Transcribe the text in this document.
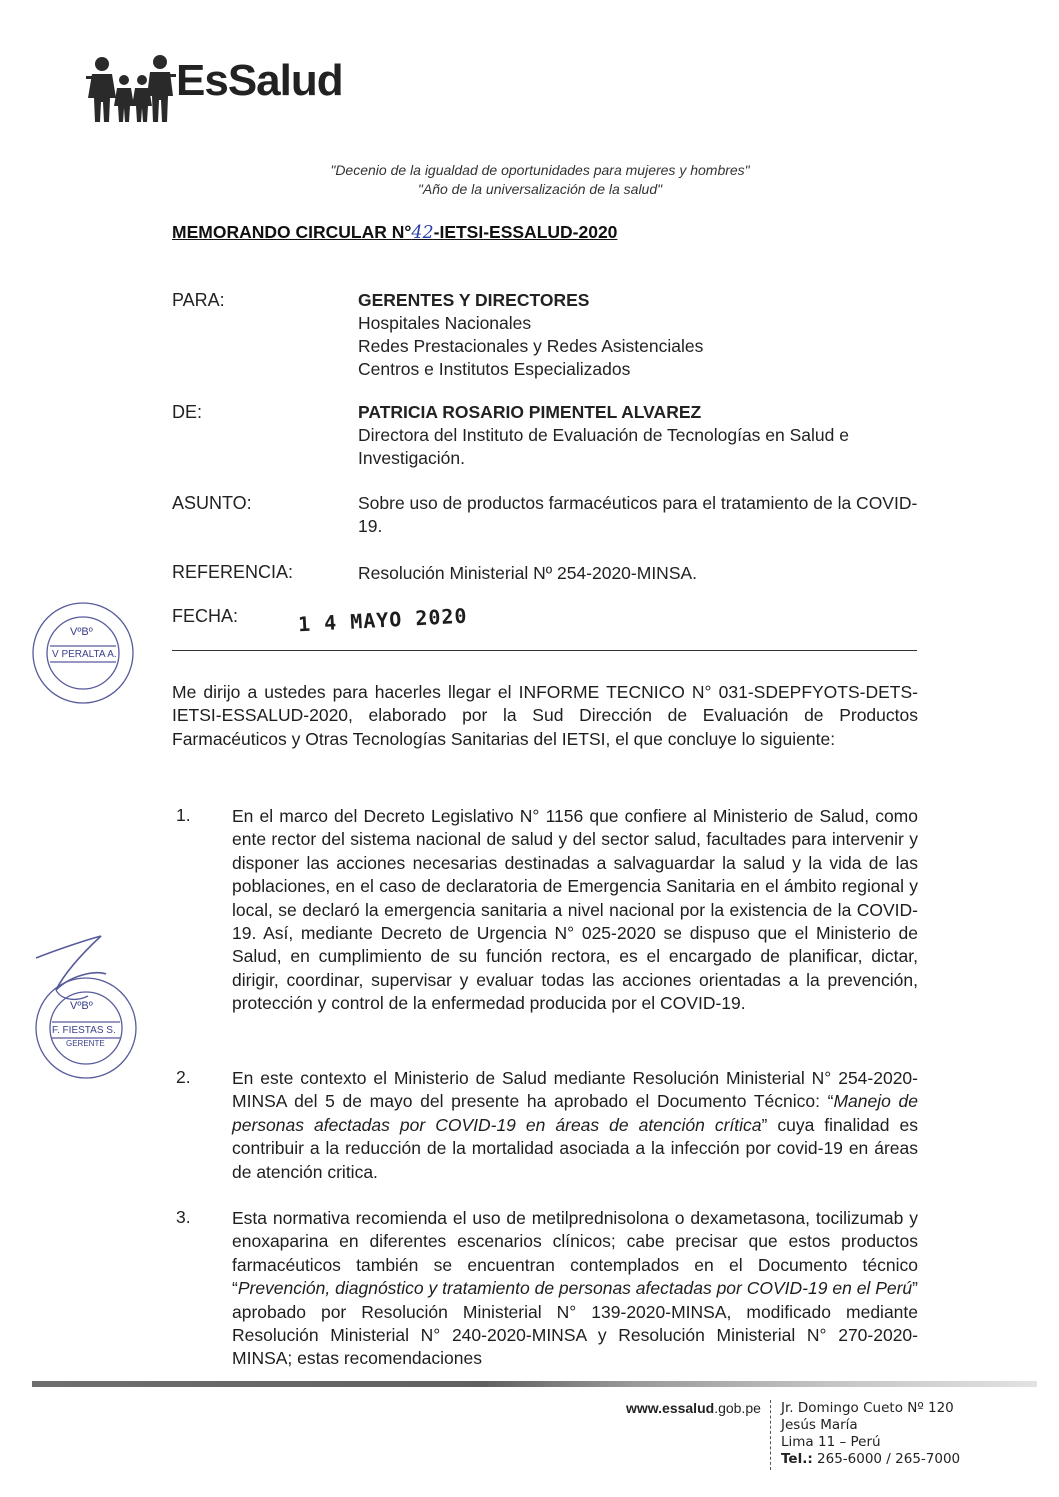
EsSalud
"Decenio de la igualdad de oportunidades para mujeres y hombres"
"Año de la universalización de la salud"
MEMORANDO CIRCULAR N°42-IETSI-ESSALUD-2020
PARA:	GERENTES Y DIRECTORES
Hospitales Nacionales
Redes Prestacionales y Redes Asistenciales
Centros e Institutos Especializados
DE:	PATRICIA ROSARIO PIMENTEL ALVAREZ
Directora del Instituto de Evaluación de Tecnologías en Salud e Investigación.
ASUNTO:	Sobre uso de productos farmacéuticos para el tratamiento de la COVID-19.
REFERENCIA:	Resolución Ministerial Nº 254-2020-MINSA.
FECHA:	1 4 MAYO 2020
VºBº
V PERALTA A.
VºBº
F. FIESTAS S.
GERENTE
Me dirijo a ustedes para hacerles llegar el INFORME TECNICO N° 031-SDEPFYOTS-DETS-IETSI-ESSALUD-2020, elaborado por la Sud Dirección de Evaluación de Productos Farmacéuticos y Otras Tecnologías Sanitarias del IETSI, el que concluye lo siguiente:
1. En el marco del Decreto Legislativo N° 1156 que confiere al Ministerio de Salud, como ente rector del sistema nacional de salud y del sector salud, facultades para intervenir y disponer las acciones necesarias destinadas a salvaguardar la salud y la vida de las poblaciones, en el caso de declaratoria de Emergencia Sanitaria en el ámbito regional y local, se declaró la emergencia sanitaria a nivel nacional por la existencia de la COVID-19. Así, mediante Decreto de Urgencia N° 025-2020 se dispuso que el Ministerio de Salud, en cumplimiento de su función rectora, es el encargado de planificar, dictar, dirigir, coordinar, supervisar y evaluar todas las acciones orientadas a la prevención, protección y control de la enfermedad producida por el COVID-19.
2. En este contexto el Ministerio de Salud mediante Resolución Ministerial N° 254-2020-MINSA del 5 de mayo del presente ha aprobado el Documento Técnico: “Manejo de personas afectadas por COVID-19 en áreas de atención crítica” cuya finalidad es contribuir a la reducción de la mortalidad asociada a la infección por covid-19 en áreas de atención critica.
3. Esta normativa recomienda el uso de metilprednisolona o dexametasona, tocilizumab y enoxaparina en diferentes escenarios clínicos; cabe precisar que estos productos farmacéuticos también se encuentran contemplados en el Documento técnico “Prevención, diagnóstico y tratamiento de personas afectadas por COVID-19 en el Perú” aprobado por Resolución Ministerial N° 139-2020-MINSA, modificado mediante Resolución Ministerial N° 240-2020-MINSA y Resolución Ministerial N° 270-2020-MINSA; estas recomendaciones
www.essalud.gob.pe Jr. Domingo Cueto Nº 120
Jesús María
Lima 11 – Perú
Tel.: 265-6000 / 265-7000
